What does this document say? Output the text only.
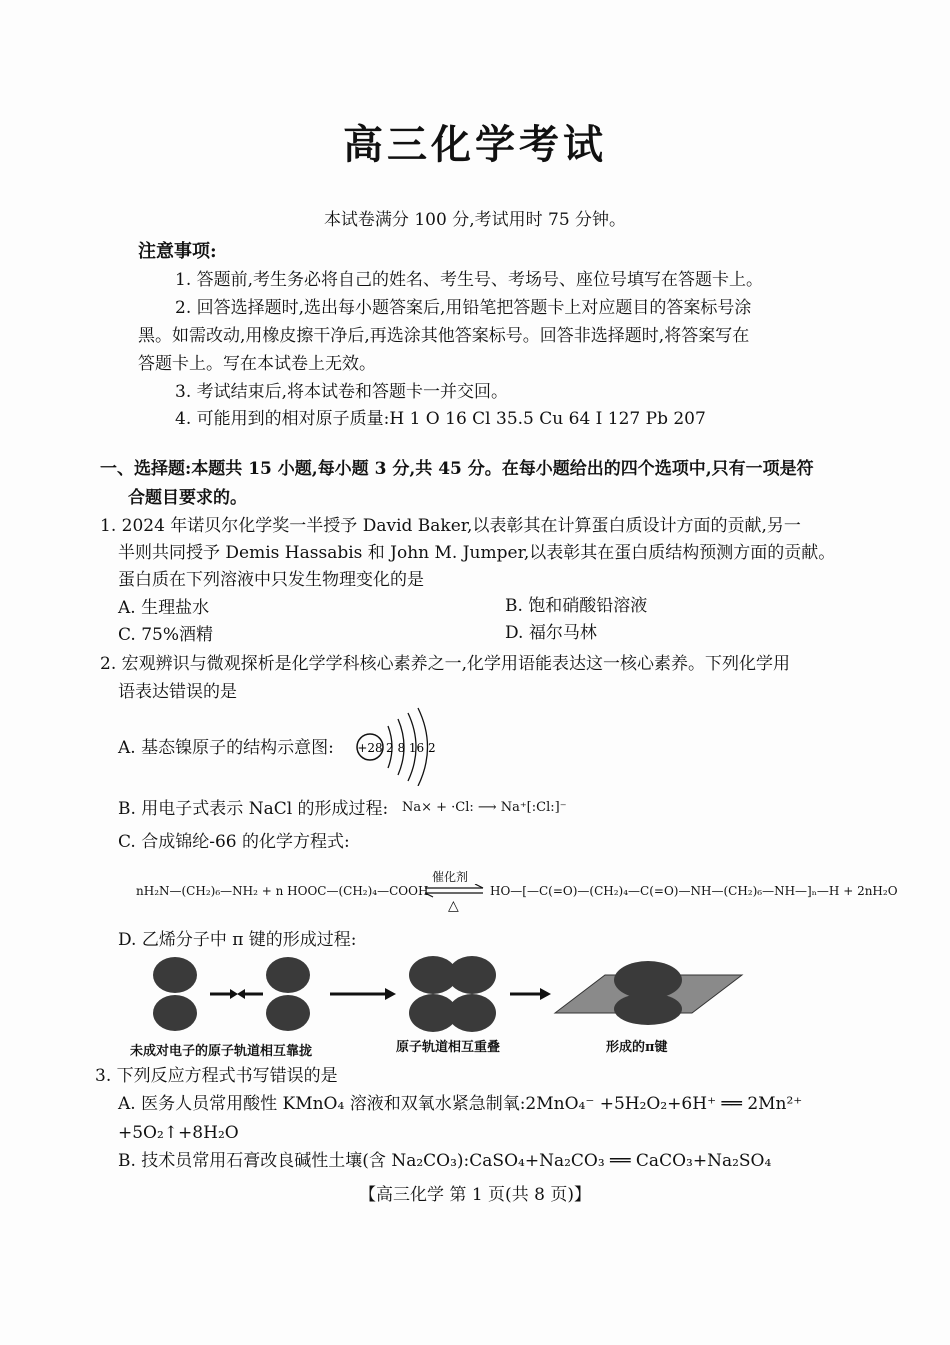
高三化学考试
本试卷满分 100 分,考试用时 75 分钟。
注意事项:
1. 答题前,考生务必将自己的姓名、考生号、考场号、座位号填写在答题卡上。
2. 回答选择题时,选出每小题答案后,用铅笔把答题卡上对应题目的答案标号涂
黑。如需改动,用橡皮擦干净后,再选涂其他答案标号。回答非选择题时,将答案写在
答题卡上。写在本试卷上无效。
3. 考试结束后,将本试卷和答题卡一并交回。
4. 可能用到的相对原子质量:H 1 O 16 Cl 35.5 Cu 64 I 127 Pb 207
一、选择题:本题共 15 小题,每小题 3 分,共 45 分。在每小题给出的四个选项中,只有一项是符
合题目要求的。
1. 2024 年诺贝尔化学奖一半授予 David Baker,以表彰其在计算蛋白质设计方面的贡献,另一
半则共同授予 Demis Hassabis 和 John M. Jumper,以表彰其在蛋白质结构预测方面的贡献。
蛋白质在下列溶液中只发生物理变化的是
A. 生理盐水	B. 饱和硝酸铅溶液
C. 75%酒精	D. 福尔马林
2. 宏观辨识与微观探析是化学学科核心素养之一,化学用语能表达这一核心素养。下列化学用
语表达错误的是
A. 基态镍原子的结构示意图: +28 2 8 16 2
B. 用电子式表示 NaCl 的形成过程: Na× + ·Cl: ⟶ Na⁺[:Cl:]⁻
C. 合成锦纶-66 的化学方程式:
nH₂N—(CH₂)₆—NH₂ + n HOOC—(CH₂)₄—COOH
催化剂
△
HO—[—C(=O)—(CH₂)₄—C(=O)—NH—(CH₂)₆—NH—]ₙ—H + 2nH₂O
D. 乙烯分子中 π 键的形成过程:
未成对电子的原子轨道相互靠拢	原子轨道相互重叠	形成的π键
3. 下列反应方程式书写错误的是
A. 医务人员常用酸性 KMnO₄ 溶液和双氧水紧急制氧:2MnO₄⁻ +5H₂O₂+6H⁺ ══ 2Mn²⁺
+5O₂↑+8H₂O
B. 技术员常用石膏改良碱性土壤(含 Na₂CO₃):CaSO₄+Na₂CO₃ ══ CaCO₃+Na₂SO₄
【高三化学 第 1 页(共 8 页)】
